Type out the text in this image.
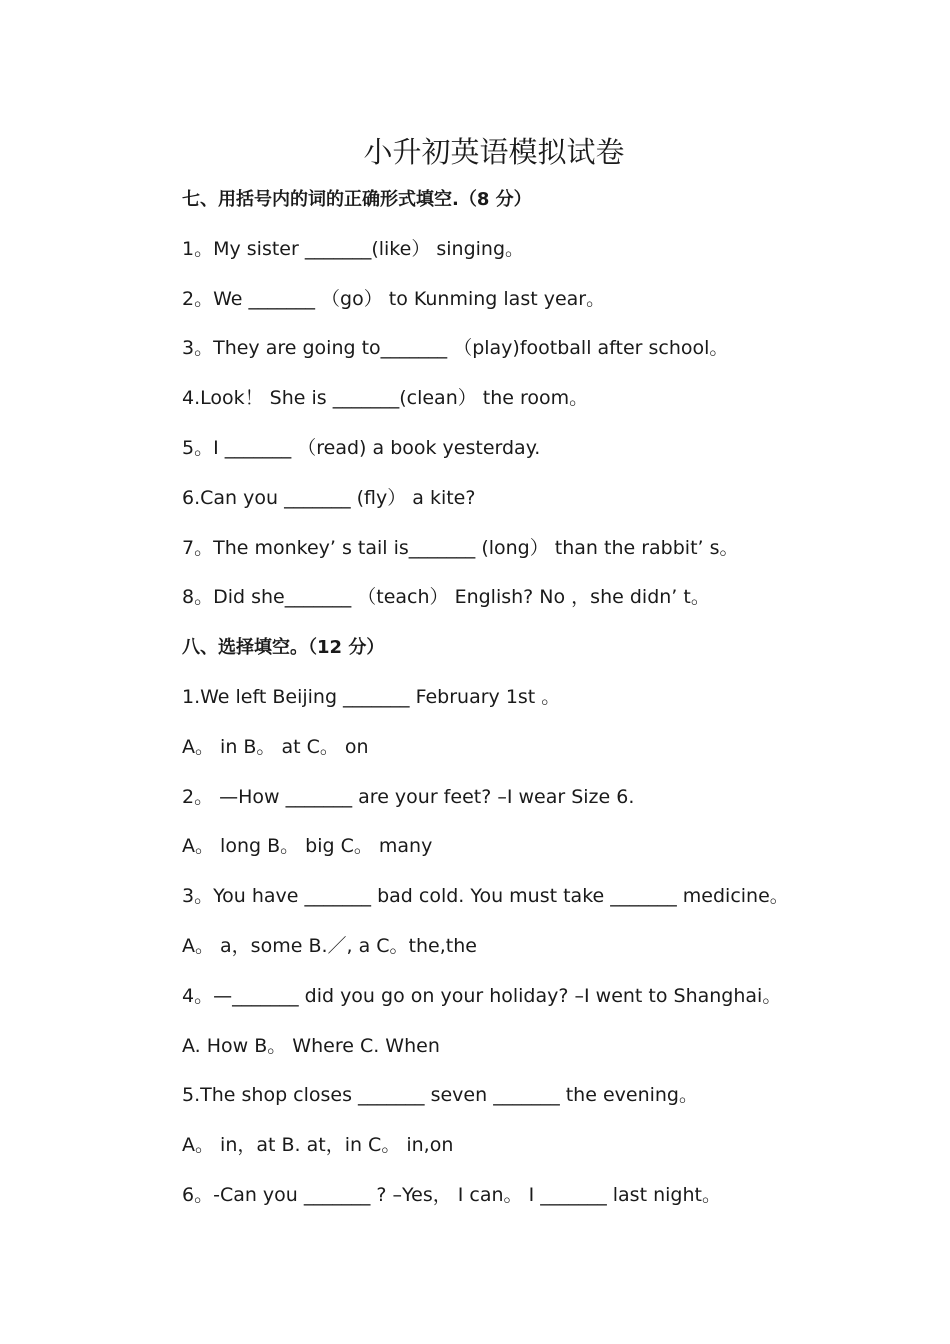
小升初英语模拟试卷

七、用括号内的词的正确形式填空.（8 分）

1。My sister _______(like） singing。

2。We _______ （go） to Kunming last year。

3。They are going to_______ （play)football after school。

4.Look！ She is _______(clean） the room。

5。I _______ （read) a book yesterday.

6.Can you _______ (fly） a kite?

7。The monkey’ s tail is_______ (long） than the rabbit’ s。

8。Did she_______ （teach） English? No ，she didn’ t。

八、选择填空。（12 分）

1.We left Beijing _______ February 1st 。

A。 in B。 at C。 on

2。 —How _______ are your feet? –I wear Size 6.

A。 long B。 big C。 many

3。You have _______ bad cold. You must take _______ medicine。

A。 a，some B.／, a C。the,the

4。—_______ did you go on your holiday? –I went to Shanghai。

A. How B。 Where C. When

5.The shop closes _______ seven _______ the evening。

A。 in，at B. at，in C。 in,on

6。-Can you _______ ? –Yes， I can。 I _______ last night。
